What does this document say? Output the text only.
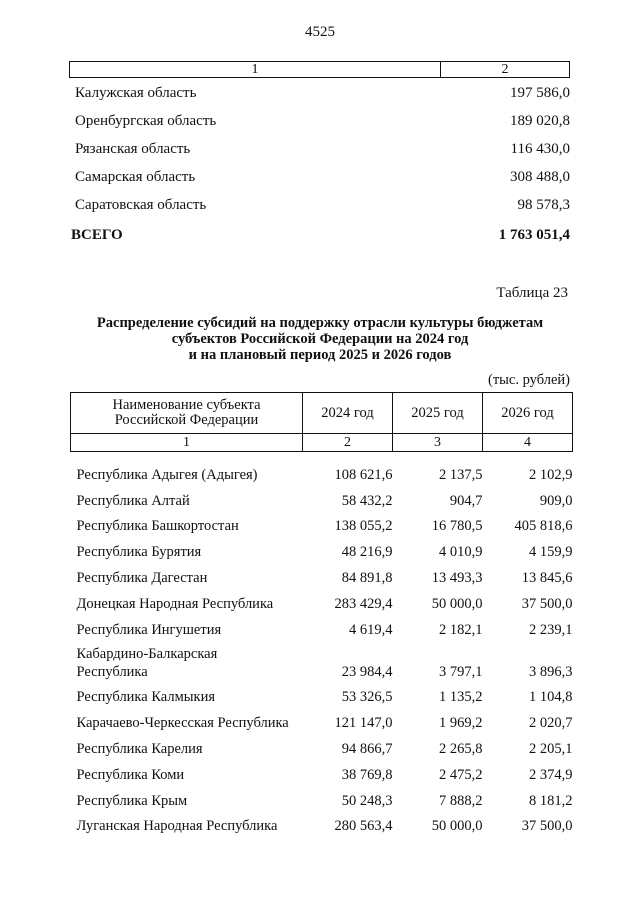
4525
1	2
Калужская область	197 586,0
Оренбургская область	189 020,8
Рязанская область	116 430,0
Самарская область	308 488,0
Саратовская область	98 578,3
ВСЕГО	1 763 051,4
Таблица 23
Распределение субсидий на поддержку отрасли культуры бюджетам
субъектов Российской Федерации на 2024 год
и на плановый период 2025 и 2026 годов
(тыс. рублей)
Наименование субъекта
Российской Федерации	2024 год	2025 год	2026 год
1	2	3	4
Республика Адыгея (Адыгея)	108 621,6	2 137,5	2 102,9
Республика Алтай	58 432,2	904,7	909,0
Республика Башкортостан	138 055,2	16 780,5	405 818,6
Республика Бурятия	48 216,9	4 010,9	4 159,9
Республика Дагестан	84 891,8	13 493,3	13 845,6
Донецкая Народная Республика	283 429,4	50 000,0	37 500,0
Республика Ингушетия	4 619,4	2 182,1	2 239,1
Кабардино-Балкарская Республика	23 984,4	3 797,1	3 896,3
Республика Калмыкия	53 326,5	1 135,2	1 104,8
Карачаево-Черкесская Республика	121 147,0	1 969,2	2 020,7
Республика Карелия	94 866,7	2 265,8	2 205,1
Республика Коми	38 769,8	2 475,2	2 374,9
Республика Крым	50 248,3	7 888,2	8 181,2
Луганская Народная Республика	280 563,4	50 000,0	37 500,0
